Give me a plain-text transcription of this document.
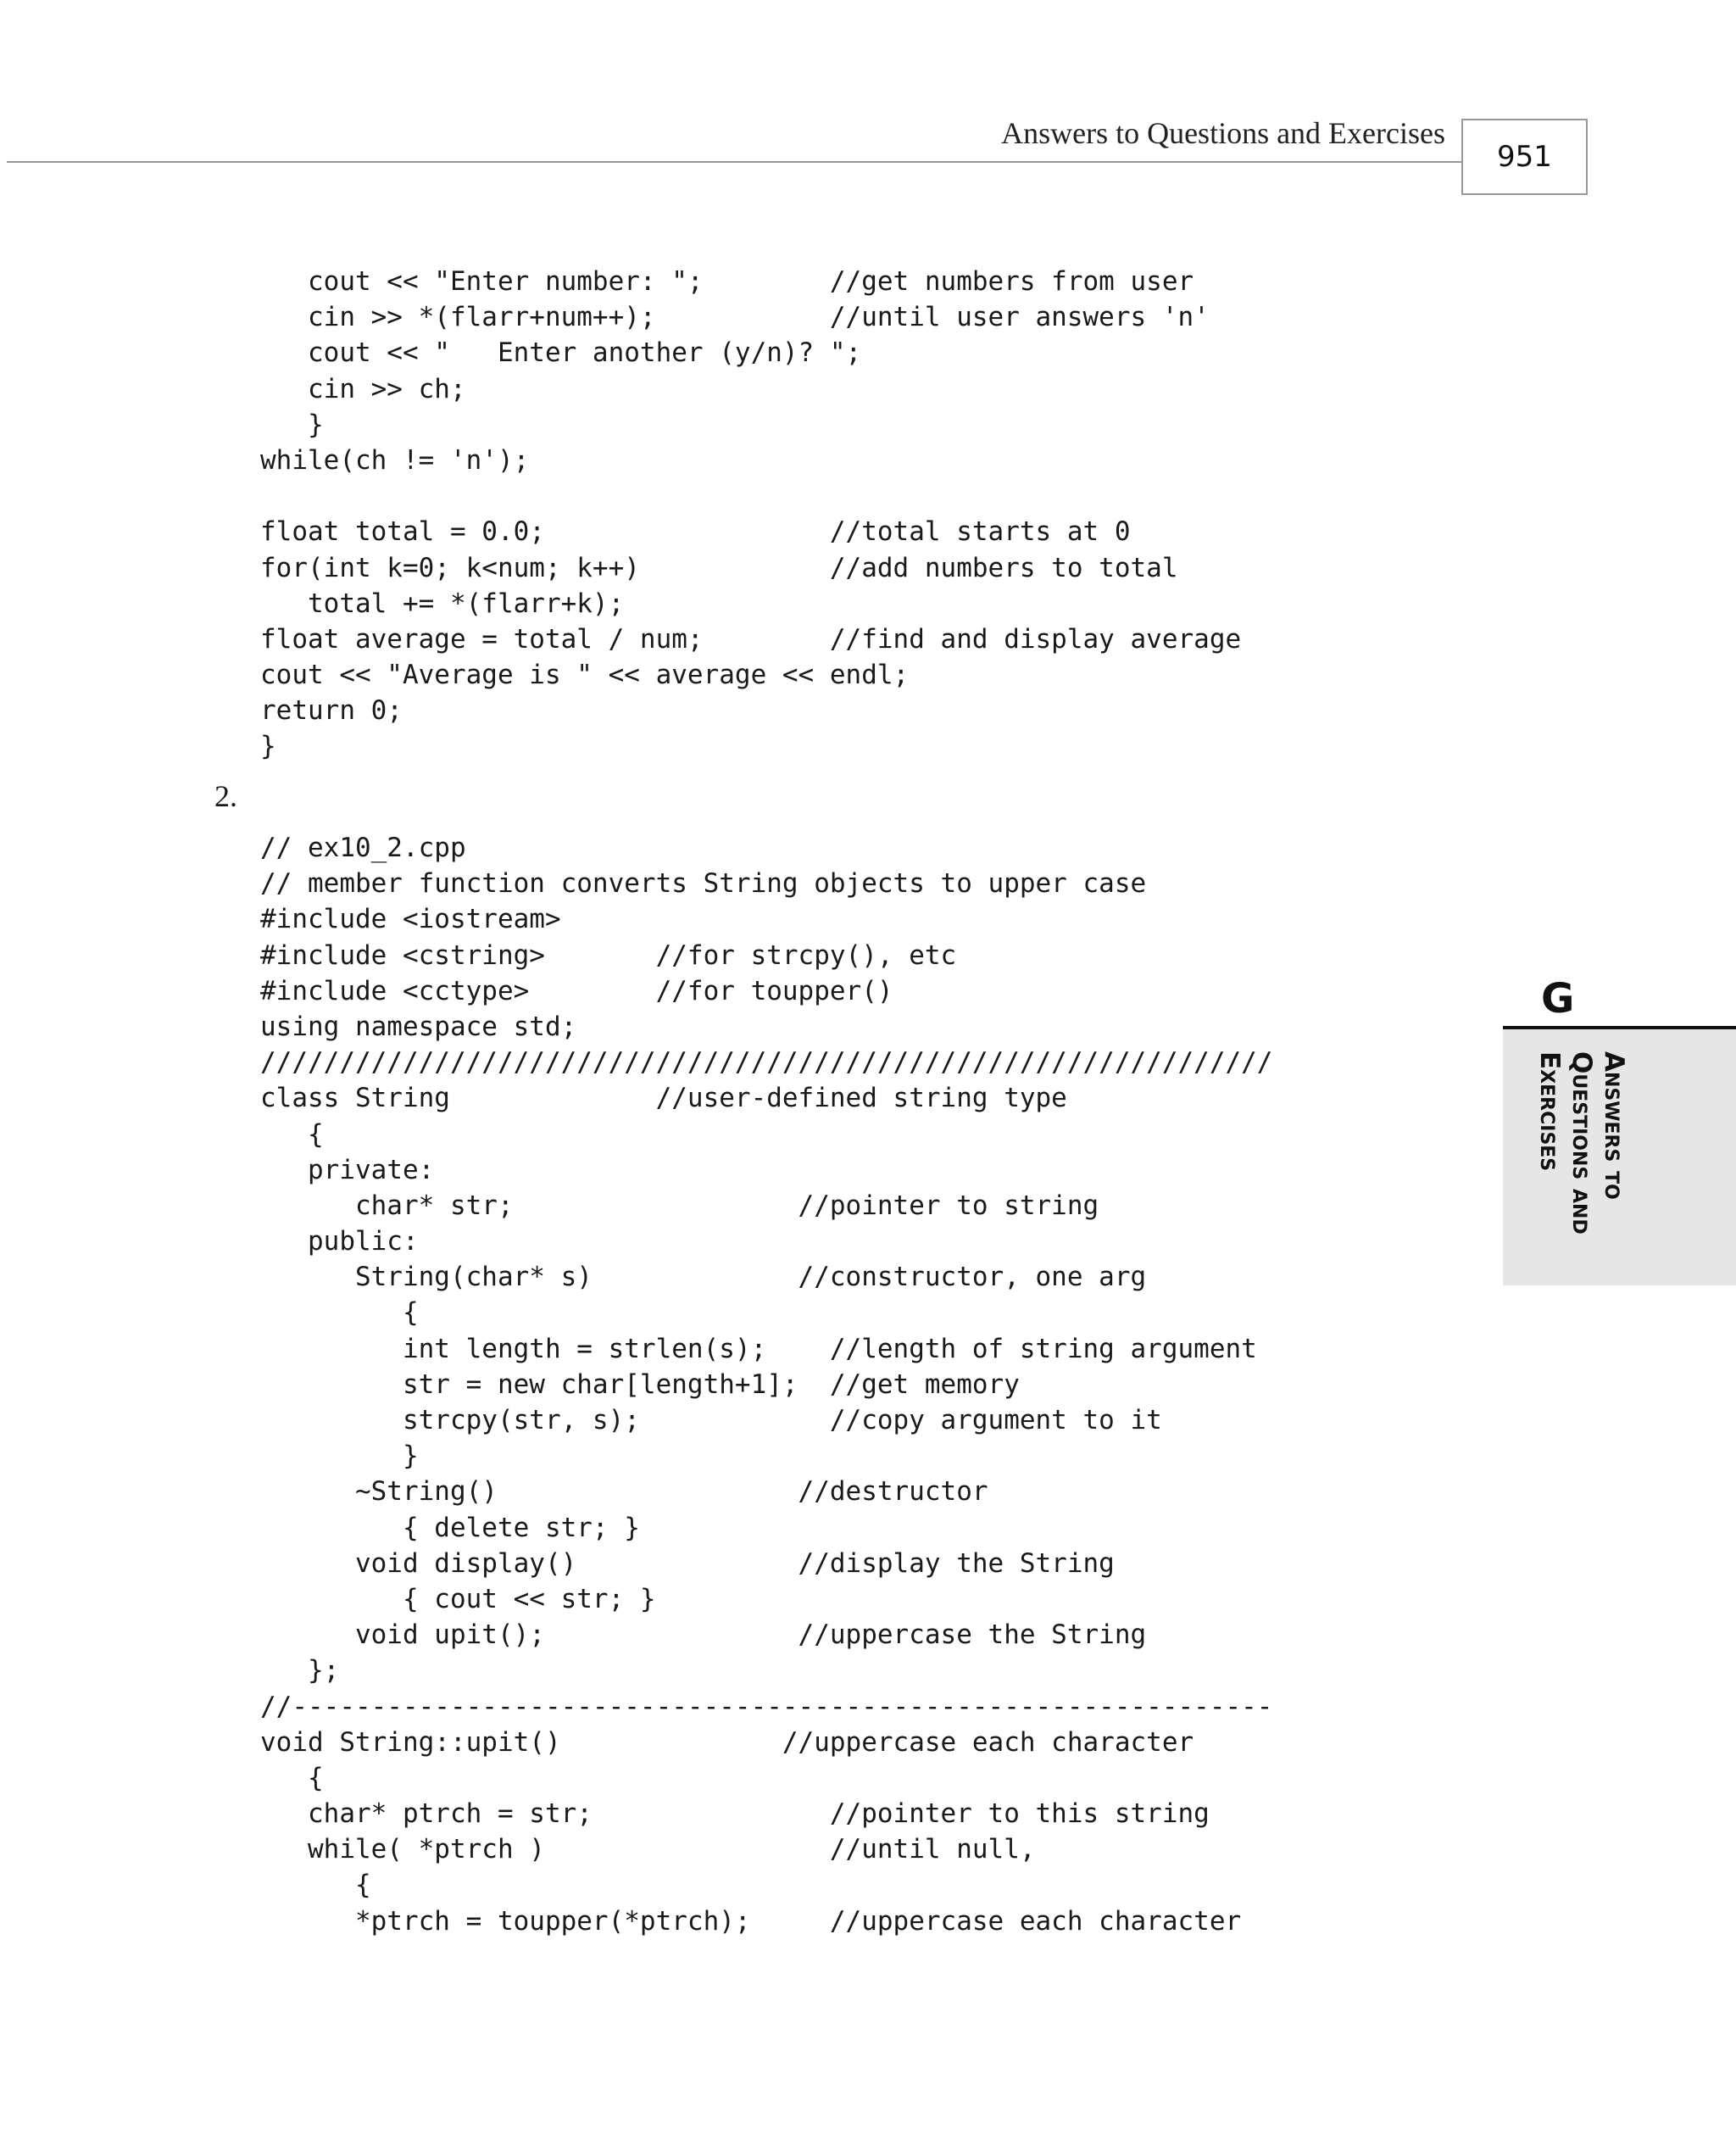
Answers to Questions and Exercises
951
cout << "Enter number: ";        //get numbers from user
cin >> *(flarr+num++);           //until user answers 'n'
cout << "   Enter another (y/n)? ";
cin >> ch;
}
while(ch != 'n');

float total = 0.0;                  //total starts at 0
for(int k=0; k<num; k++)            //add numbers to total
total += *(flarr+k);
float average = total / num;        //find and display average
cout << "Average is " << average << endl;
return 0;
}
2.
// ex10_2.cpp
// member function converts String objects to upper case
#include <iostream>
#include <cstring>       //for strcpy(), etc
#include <cctype>        //for toupper()
using namespace std;
////////////////////////////////////////////////////////////////
class String             //user-defined string type
{
private:
char* str;                  //pointer to string
public:
String(char* s)             //constructor, one arg
{
int length = strlen(s);    //length of string argument
str = new char[length+1];  //get memory
strcpy(str, s);            //copy argument to it
}
~String()                   //destructor
{ delete str; }
void display()              //display the String
{ cout << str; }
void upit();                //uppercase the String
};
//--------------------------------------------------------------
void String::upit()              //uppercase each character
{
char* ptrch = str;               //pointer to this string
while( *ptrch )                  //until null,
{
*ptrch = toupper(*ptrch);     //uppercase each character
G
Answers to
Questions and
Exercises
